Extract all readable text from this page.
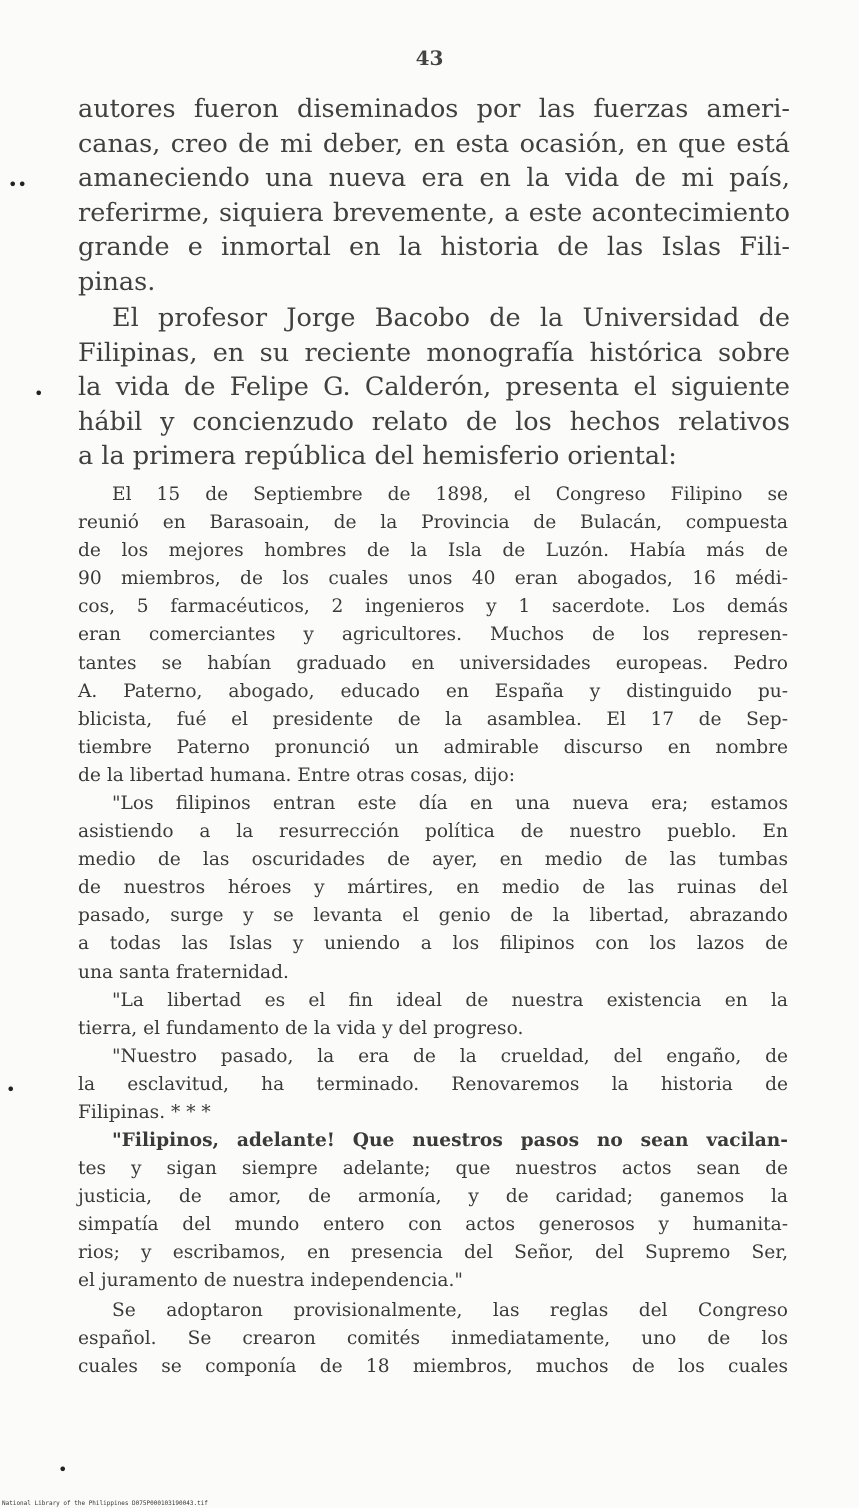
43
••
•
•
•
autores fueron diseminados por las fuerzas ameri-
canas, creo de mi deber, en esta ocasión, en que está
amaneciendo una nueva era en la vida de mi país,
referirme, siquiera brevemente, a este acontecimiento
grande e inmortal en la historia de las Islas Fili-
pinas.
El profesor Jorge Bacobo de la Universidad de
Filipinas, en su reciente monografía histórica sobre
la vida de Felipe G. Calderón, presenta el siguiente
hábil y concienzudo relato de los hechos relativos
a la primera república del hemisferio oriental:
El 15 de Septiembre de 1898, el Congreso Filipino se
reunió en Barasoain, de la Provincia de Bulacán, compuesta
de los mejores hombres de la Isla de Luzón. Había más de
90 miembros, de los cuales unos 40 eran abogados, 16 médi-
cos, 5 farmacéuticos, 2 ingenieros y 1 sacerdote. Los demás
eran comerciantes y agricultores. Muchos de los represen-
tantes se habían graduado en universidades europeas. Pedro
A. Paterno, abogado, educado en España y distinguido pu-
blicista, fué el presidente de la asamblea. El 17 de Sep-
tiembre Paterno pronunció un admirable discurso en nombre
de la libertad humana. Entre otras cosas, dijo:
"Los filipinos entran este día en una nueva era; estamos
asistiendo a la resurrección política de nuestro pueblo. En
medio de las oscuridades de ayer, en medio de las tumbas
de nuestros héroes y mártires, en medio de las ruinas del
pasado, surge y se levanta el genio de la libertad, abrazando
a todas las Islas y uniendo a los filipinos con los lazos de
una santa fraternidad.
"La libertad es el fin ideal de nuestra existencia en la
tierra, el fundamento de la vida y del progreso.
"Nuestro pasado, la era de la crueldad, del engaño, de
la esclavitud, ha terminado. Renovaremos la historia de
Filipinas. * * *
"Filipinos, adelante! Que nuestros pasos no sean vacilan-
tes y sigan siempre adelante; que nuestros actos sean de
justicia, de amor, de armonía, y de caridad; ganemos la
simpatía del mundo entero con actos generosos y humanita-
rios; y escribamos, en presencia del Señor, del Supremo Ser,
el juramento de nuestra independencia."
Se adoptaron provisionalmente, las reglas del Congreso
español. Se crearon comités inmediatamente, uno de los
cuales se componía de 18 miembros, muchos de los cuales
National Library of the Philippines D075P000103190043.tif
